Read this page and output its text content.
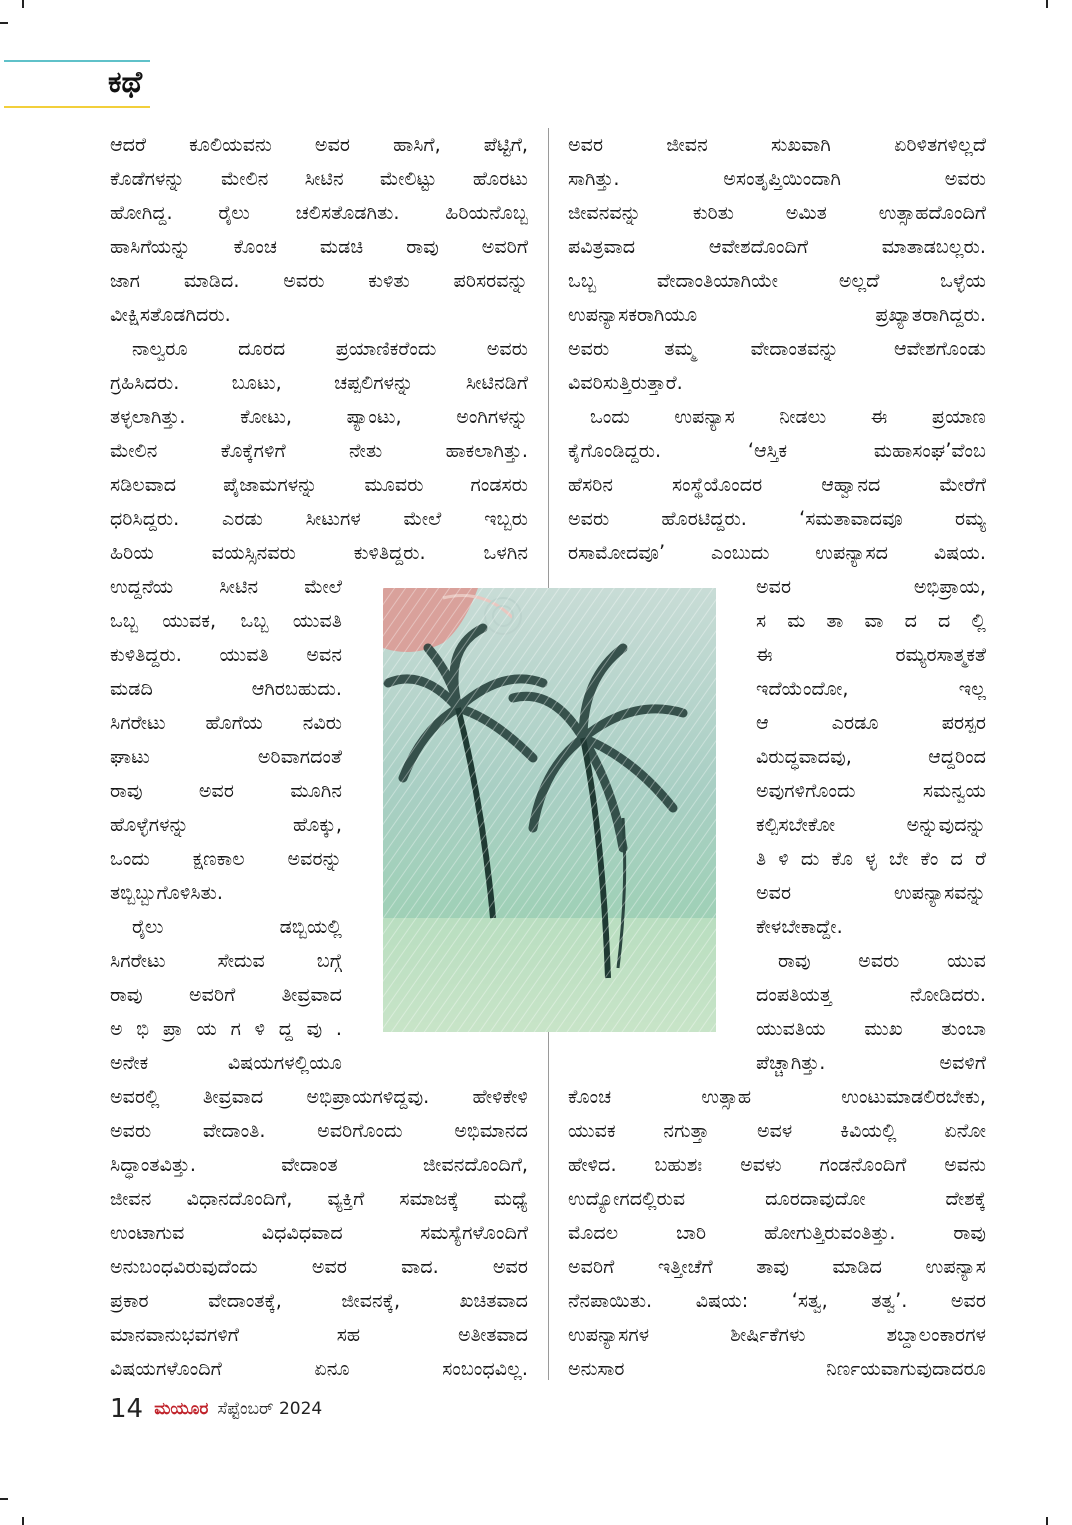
ಕಥೆ

ಆದರೆ ಕೂಲಿಯವನು ಅವರ ಹಾಸಿಗೆ, ಪೆಟ್ಟಿಗೆ,

ಕೊಡೆಗಳನ್ನು ಮೇಲಿನ ಸೀಟಿನ ಮೇಲಿಟ್ಟು ಹೊರಟು

ಹೋಗಿದ್ದ. ರೈಲು ಚಲಿಸತೊಡಗಿತು. ಹಿರಿಯನೊಬ್ಬ

ಹಾಸಿಗೆಯನ್ನು ಕೊಂಚ ಮಡಚಿ ರಾವು ಅವರಿಗೆ

ಜಾಗ ಮಾಡಿದ. ಅವರು ಕುಳಿತು ಪರಿಸರವನ್ನು

ವೀಕ್ಷಿಸತೊಡಗಿದರು.

ನಾಲ್ವರೂ ದೂರದ ಪ್ರಯಾಣಿಕರೆಂದು ಅವರು

ಗ್ರಹಿಸಿದರು. ಬೂಟು, ಚಪ್ಪಲಿಗಳನ್ನು ಸೀಟಿನಡಿಗೆ

ತಳ್ಳಲಾಗಿತ್ತು. ಕೋಟು, ಪ್ಯಾಂಟು, ಅಂಗಿಗಳನ್ನು

ಮೇಲಿನ ಕೊಕ್ಕೆಗಳಿಗೆ ನೇತು ಹಾಕಲಾಗಿತ್ತು.

ಸಡಿಲವಾದ ಪೈಜಾಮಗಳನ್ನು ಮೂವರು ಗಂಡಸರು

ಧರಿಸಿದ್ದರು. ಎರಡು ಸೀಟುಗಳ ಮೇಲೆ ಇಬ್ಬರು

ಹಿರಿಯ ವಯಸ್ಸಿನವರು ಕುಳಿತಿದ್ದರು. ಒಳಗಿನ

ಉದ್ದನೆಯ ಸೀಟಿನ ಮೇಲೆ

ಒಬ್ಬ ಯುವಕ, ಒಬ್ಬ ಯುವತಿ

ಕುಳಿತಿದ್ದರು. ಯುವತಿ ಅವನ

ಮಡದಿ ಆಗಿರಬಹುದು.

ಸಿಗರೇಟು ಹೊಗೆಯ ನವಿರು

ಘಾಟು ಅರಿವಾಗದಂತೆ

ರಾವು ಅವರ ಮೂಗಿನ

ಹೊಳ್ಳೆಗಳನ್ನು ಹೊಕ್ಕು,

ಒಂದು ಕ್ಷಣಕಾಲ ಅವರನ್ನು

ತಬ್ಬಿಬ್ಬುಗೊಳಿಸಿತು.

ರೈಲು ಡಬ್ಬಿಯಲ್ಲಿ

ಸಿಗರೇಟು ಸೇದುವ ಬಗ್ಗೆ

ರಾವು ಅವರಿಗೆ ತೀವ್ರವಾದ

ಅ ಭಿ ಪ್ರಾ ಯ ಗ ಳಿ ದ್ದ ವು .

ಅನೇಕ ವಿಷಯಗಳಲ್ಲಿಯೂ

ಅವರಲ್ಲಿ ತೀವ್ರವಾದ ಅಭಿಪ್ರಾಯಗಳಿದ್ದವು. ಹೇಳಿಕೇಳಿ

ಅವರು ವೇದಾಂತಿ. ಅವರಿಗೊಂದು ಅಭಿಮಾನದ

ಸಿದ್ಧಾಂತವಿತ್ತು. ವೇದಾಂತ ಜೀವನದೊಂದಿಗೆ,

ಜೀವನ ವಿಧಾನದೊಂದಿಗೆ, ವ್ಯಕ್ತಿಗೆ ಸಮಾಜಕ್ಕೆ ಮಧ್ಯೆ

ಉಂಟಾಗುವ ವಿಧವಿಧವಾದ ಸಮಸ್ಯೆಗಳೊಂದಿಗೆ

ಅನುಬಂಧವಿರುವುದೆಂದು ಅವರ ವಾದ. ಅವರ

ಪ್ರಕಾರ ವೇದಾಂತಕ್ಕೆ, ಜೀವನಕ್ಕೆ, ಖಚಿತವಾದ

ಮಾನವಾನುಭವಗಳಿಗೆ ಸಹ ಅತೀತವಾದ

ವಿಷಯಗಳೊಂದಿಗೆ ಏನೂ ಸಂಬಂಧವಿಲ್ಲ.

ಅವರ ಜೀವನ ಸುಖವಾಗಿ ಏರಿಳಿತಗಳಿಲ್ಲದೆ

ಸಾಗಿತ್ತು. ಅಸಂತೃಪ್ತಿಯಿಂದಾಗಿ ಅವರು

ಜೀವನವನ್ನು ಕುರಿತು ಅಮಿತ ಉತ್ಸಾಹದೊಂದಿಗೆ

ಪವಿತ್ರವಾದ ಆವೇಶದೊಂದಿಗೆ ಮಾತಾಡಬಲ್ಲರು.

ಒಬ್ಬ ವೇದಾಂತಿಯಾಗಿಯೇ ಅಲ್ಲದೆ ಒಳ್ಳೆಯ

ಉಪನ್ಯಾಸಕರಾಗಿಯೂ ಪ್ರಖ್ಯಾತರಾಗಿದ್ದರು.

ಅವರು ತಮ್ಮ ವೇದಾಂತವನ್ನು ಆವೇಶಗೊಂಡು

ವಿವರಿಸುತ್ತಿರುತ್ತಾರೆ.

ಒಂದು ಉಪನ್ಯಾಸ ನೀಡಲು ಈ ಪ್ರಯಾಣ

ಕೈಗೊಂಡಿದ್ದರು. ‘ಆಸ್ತಿಕ ಮಹಾಸಂಘ’ವೆಂಬ

ಹೆಸರಿನ ಸಂಸ್ಥೆಯೊಂದರ ಆಹ್ವಾನದ ಮೇರೆಗೆ

ಅವರು ಹೊರಟಿದ್ದರು. ‘ಸಮತಾವಾದವೂ ರಮ್ಯ

ರಸಾಮೋದವೂ’ ಎಂಬುದು ಉಪನ್ಯಾಸದ ವಿಷಯ.

ಅವರ ಅಭಿಪ್ರಾಯ,

ಸ ಮ ತಾ ವಾ ದ ದ ಲ್ಲಿ

ಈ ರಮ್ಯರಸಾತ್ಮಕತೆ

ಇದೆಯೆಂದೋ, ಇಲ್ಲ

ಆ ಎರಡೂ ಪರಸ್ಪರ

ವಿರುದ್ಧವಾದವು, ಆದ್ದರಿಂದ

ಅವುಗಳಿಗೊಂದು ಸಮನ್ವಯ

ಕಲ್ಪಿಸಬೇಕೋ ಅನ್ನುವುದನ್ನು

ತಿ ಳಿ ದು ಕೊ ಳ್ಳ ಬೇ ಕೆಂ ದ ರೆ

ಅವರ ಉಪನ್ಯಾಸವನ್ನು

ಕೇಳಬೇಕಾದ್ದೇ.

ರಾವು ಅವರು ಯುವ

ದಂಪತಿಯತ್ತ ನೋಡಿದರು.

ಯುವತಿಯ ಮುಖ ತುಂಬಾ

ಪೆಚ್ಚಾಗಿತ್ತು. ಅವಳಿಗೆ

ಕೊಂಚ ಉತ್ಸಾಹ ಉಂಟುಮಾಡಲಿರಬೇಕು,

ಯುವಕ ನಗುತ್ತಾ ಅವಳ ಕಿವಿಯಲ್ಲಿ ಏನೋ

ಹೇಳಿದ. ಬಹುಶಃ ಅವಳು ಗಂಡನೊಂದಿಗೆ ಅವನು

ಉದ್ಯೋಗದಲ್ಲಿರುವ ದೂರದಾವುದೋ ದೇಶಕ್ಕೆ

ಮೊದಲ ಬಾರಿ ಹೋಗುತ್ತಿರುವಂತಿತ್ತು. ರಾವು

ಅವರಿಗೆ ಇತ್ತೀಚೆಗೆ ತಾವು ಮಾಡಿದ ಉಪನ್ಯಾಸ

ನೆನಪಾಯಿತು. ವಿಷಯ: ‘ಸತ್ವ, ತತ್ವ’. ಅವರ

ಉಪನ್ಯಾಸಗಳ ಶೀರ್ಷಿಕೆಗಳು ಶಬ್ದಾಲಂಕಾರಗಳ

ಅನುಸಾರ ನಿರ್ಣಯವಾಗುವುದಾದರೂ

14 ಮಯೂರ ಸೆಪ್ಟೆಂಬರ್ 2024
